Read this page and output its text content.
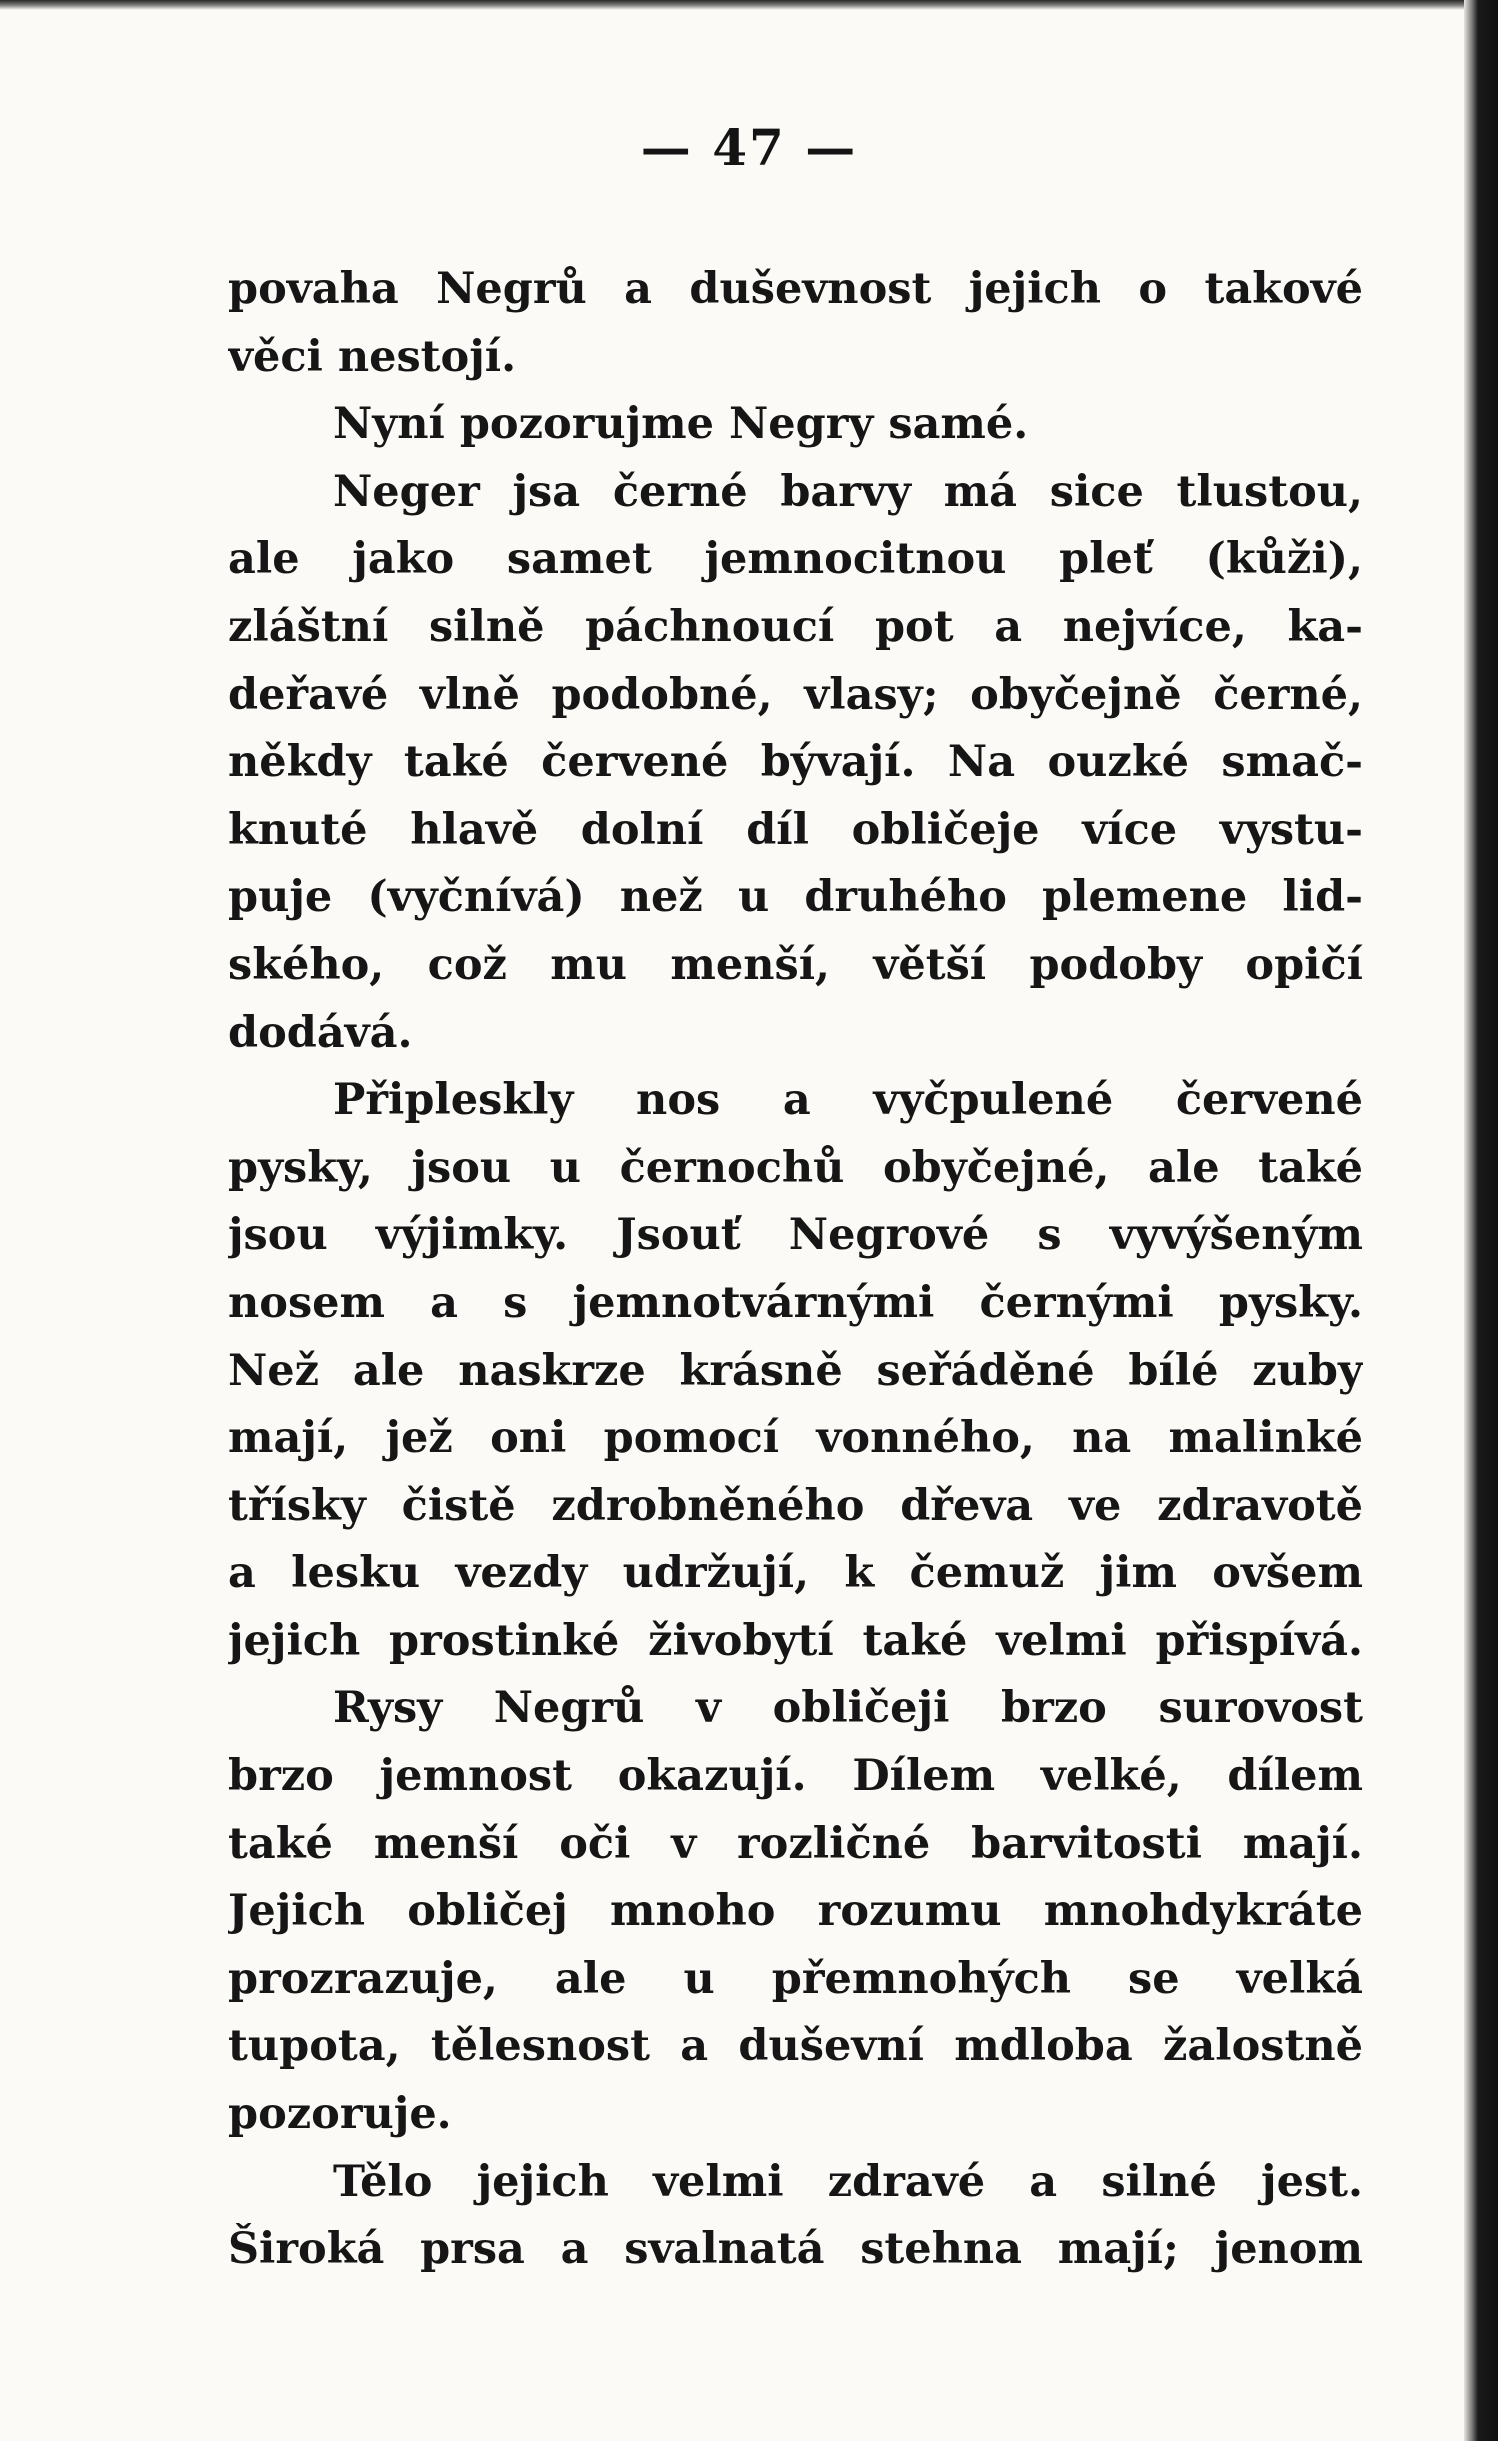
— 47 —
povaha Negrů a duševnost jejich o takové
věci nestojí.
Nyní pozorujme Negry samé.
Neger jsa černé barvy má sice tlustou,
ale jako samet jemnocitnou pleť (kůži),
zláštní silně páchnoucí pot a nejvíce, ka-
deřavé vlně podobné, vlasy; obyčejně černé,
někdy také červené bývají. Na ouzké smač-
knuté hlavě dolní díl obličeje více vystu-
puje (vyčnívá) než u druhého plemene lid-
ského, což mu menší, větší podoby opičí
dodává.
Připleskly nos a vyčpulené červené
pysky, jsou u černochů obyčejné, ale také
jsou výjimky. Jsouť Negrové s vyvýšeným
nosem a s jemnotvárnými černými pysky.
Než ale naskrze krásně seřáděné bílé zuby
mají, jež oni pomocí vonného, na malinké
třísky čistě zdrobněného dřeva ve zdravotě
a lesku vezdy udržují, k čemuž jim ovšem
jejich prostinké živobytí také velmi přispívá.
Rysy Negrů v obličeji brzo surovost
brzo jemnost okazují. Dílem velké, dílem
také menší oči v rozličné barvitosti mají.
Jejich obličej mnoho rozumu mnohdykráte
prozrazuje, ale u přemnohých se velká
tupota, tělesnost a duševní mdloba žalostně
pozoruje.
Tělo jejich velmi zdravé a silné jest.
Široká prsa a svalnatá stehna mají; jenom
